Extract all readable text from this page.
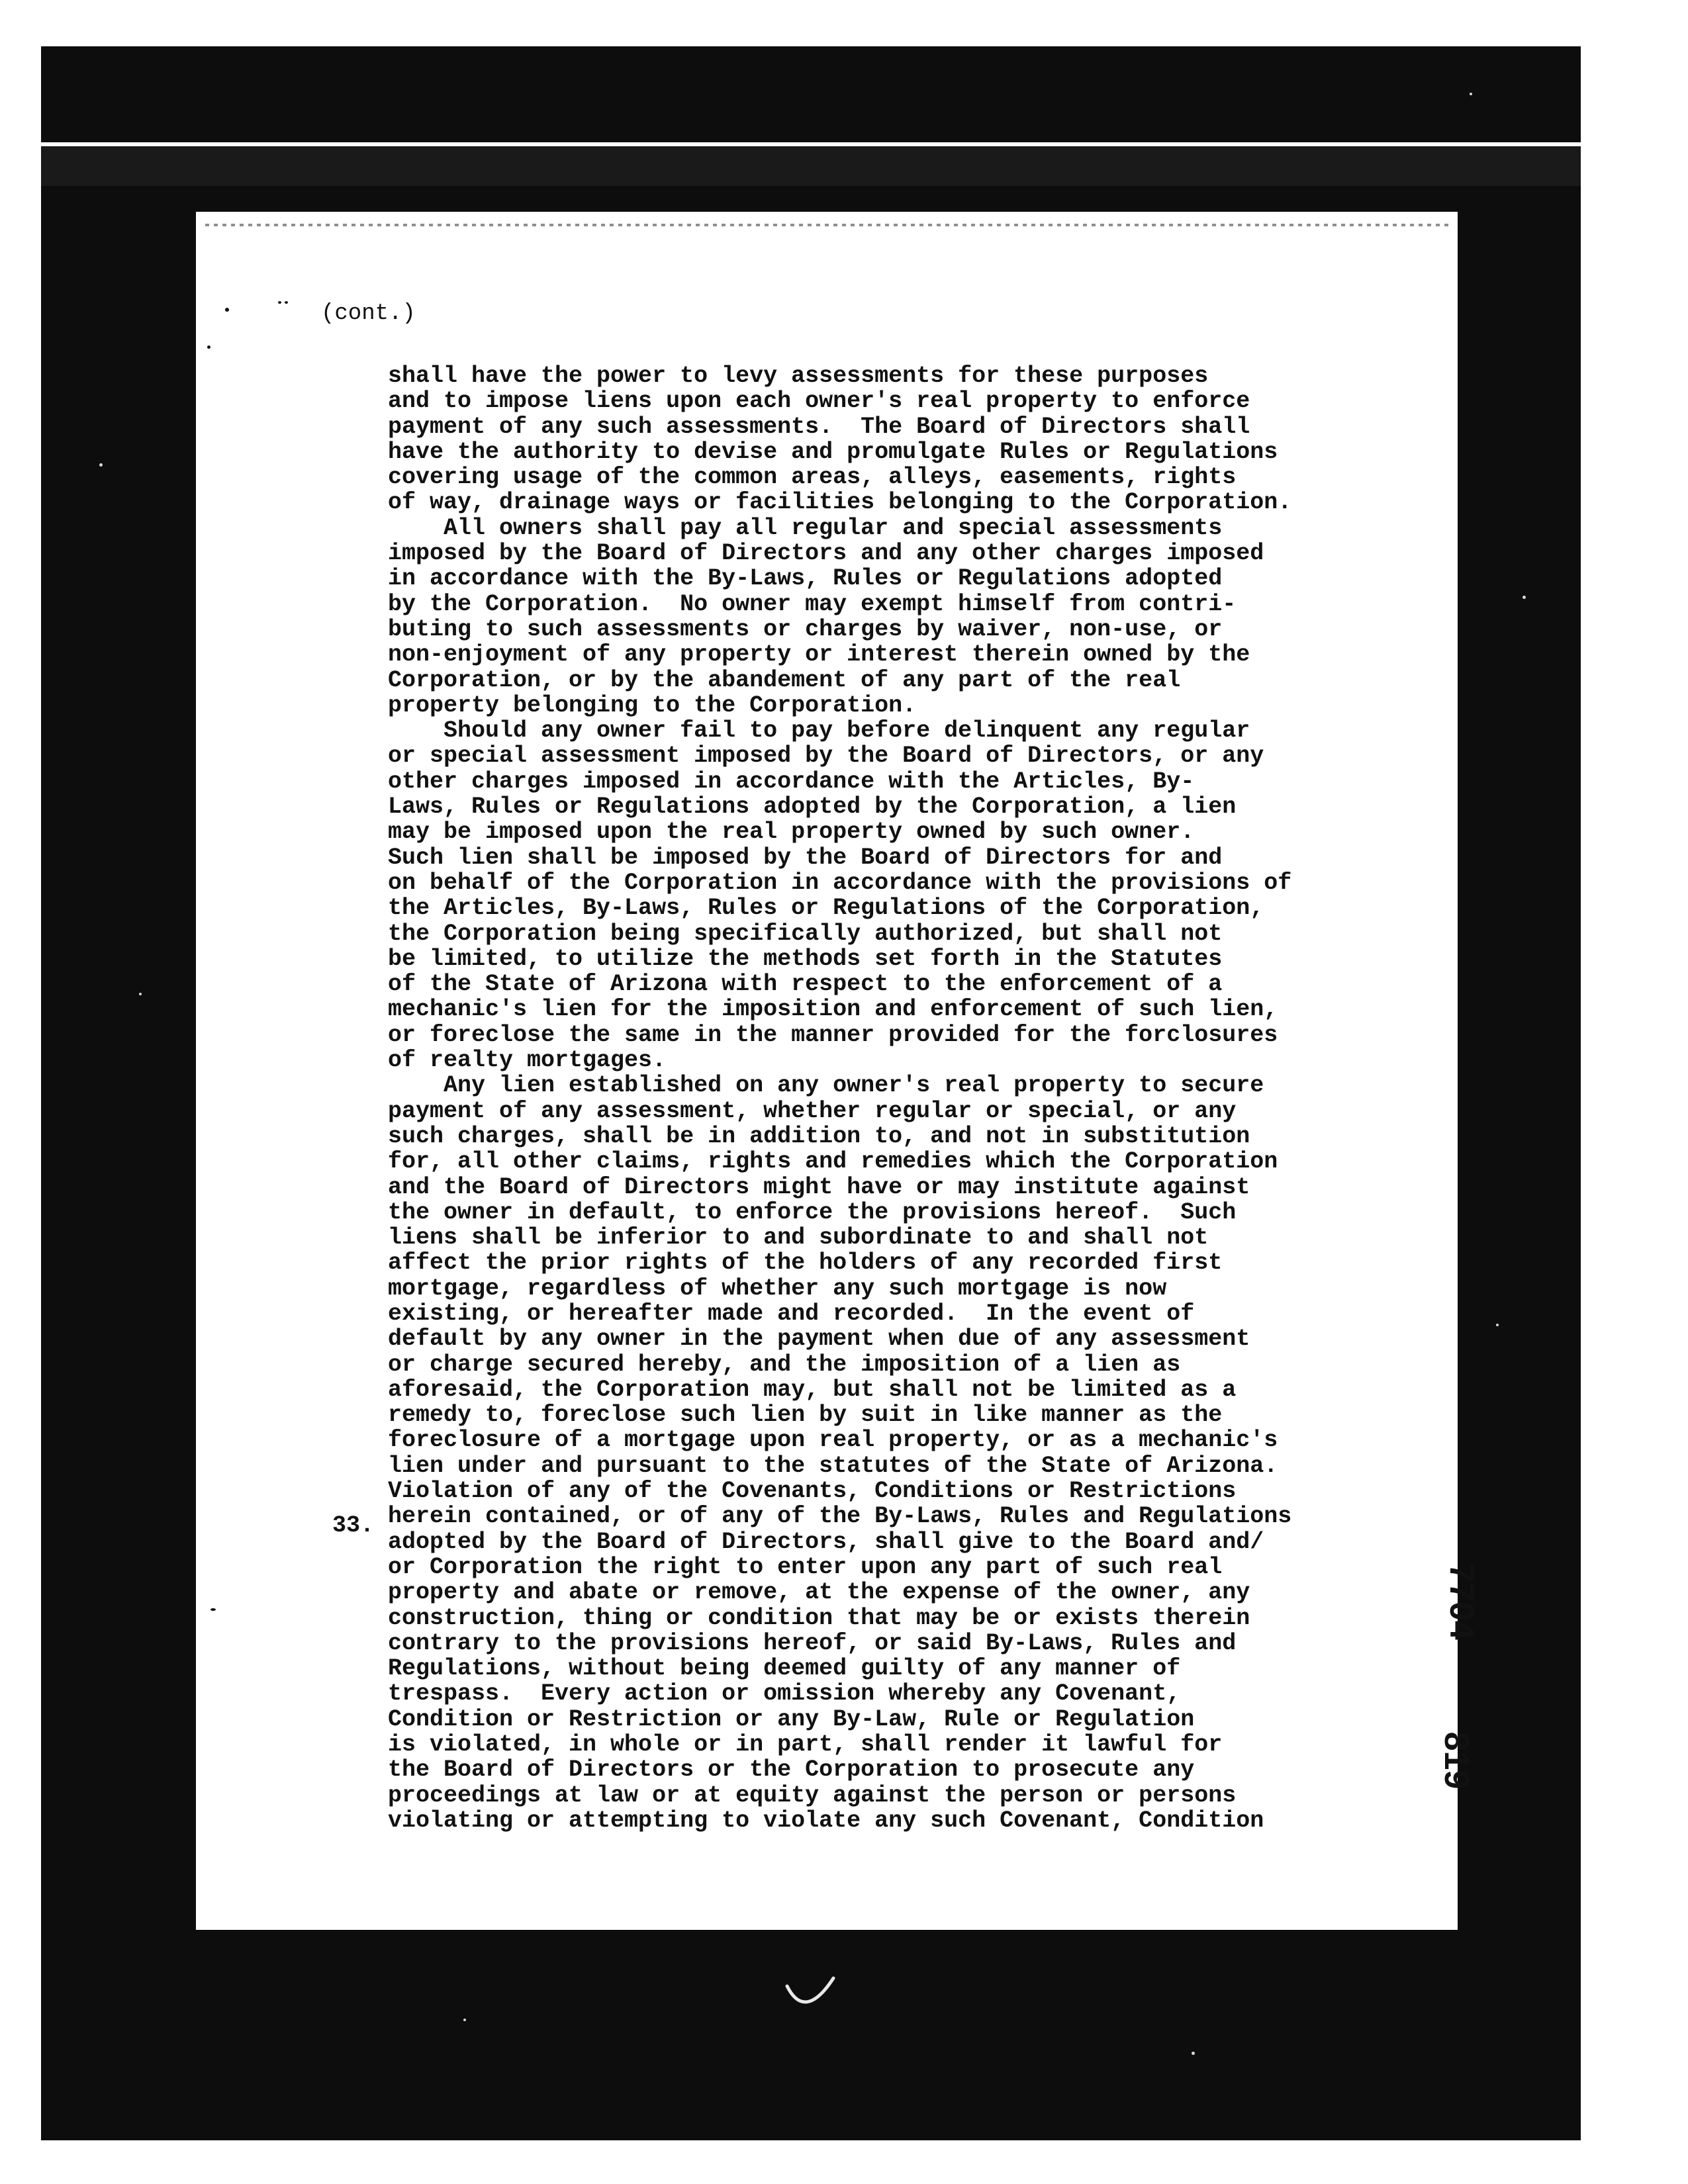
(cont.)
shall have the power to levy assessments for these purposes
and to impose liens upon each owner's real property to enforce
payment of any such assessments.  The Board of Directors shall
have the authority to devise and promulgate Rules or Regulations
covering usage of the common areas, alleys, easements, rights
of way, drainage ways or facilities belonging to the Corporation.
All owners shall pay all regular and special assessments
imposed by the Board of Directors and any other charges imposed
in accordance with the By-Laws, Rules or Regulations adopted
by the Corporation.  No owner may exempt himself from contri-
buting to such assessments or charges by waiver, non-use, or
non-enjoyment of any property or interest therein owned by the
Corporation, or by the abandement of any part of the real
property belonging to the Corporation.
Should any owner fail to pay before delinquent any regular
or special assessment imposed by the Board of Directors, or any
other charges imposed in accordance with the Articles, By-
Laws, Rules or Regulations adopted by the Corporation, a lien
may be imposed upon the real property owned by such owner.
Such lien shall be imposed by the Board of Directors for and
on behalf of the Corporation in accordance with the provisions of
the Articles, By-Laws, Rules or Regulations of the Corporation,
the Corporation being specifically authorized, but shall not
be limited, to utilize the methods set forth in the Statutes
of the State of Arizona with respect to the enforcement of a
mechanic's lien for the imposition and enforcement of such lien,
or foreclose the same in the manner provided for the forclosures
of realty mortgages.
Any lien established on any owner's real property to secure
payment of any assessment, whether regular or special, or any
such charges, shall be in addition to, and not in substitution
for, all other claims, rights and remedies which the Corporation
and the Board of Directors might have or may institute against
the owner in default, to enforce the provisions hereof.  Such
liens shall be inferior to and subordinate to and shall not
affect the prior rights of the holders of any recorded first
mortgage, regardless of whether any such mortgage is now
existing, or hereafter made and recorded.  In the event of
default by any owner in the payment when due of any assessment
or charge secured hereby, and the imposition of a lien as
aforesaid, the Corporation may, but shall not be limited as a
remedy to, foreclose such lien by suit in like manner as the
foreclosure of a mortgage upon real property, or as a mechanic's
lien under and pursuant to the statutes of the State of Arizona.
Violation of any of the Covenants, Conditions or Restrictions
herein contained, or of any of the By-Laws, Rules and Regulations
adopted by the Board of Directors, shall give to the Board and/
or Corporation the right to enter upon any part of such real
property and abate or remove, at the expense of the owner, any
construction, thing or condition that may be or exists therein
contrary to the provisions hereof, or said By-Laws, Rules and
Regulations, without being deemed guilty of any manner of
trespass.  Every action or omission whereby any Covenant,
Condition or Restriction or any By-Law, Rule or Regulation
is violated, in whole or in part, shall render it lawful for
the Board of Directors or the Corporation to prosecute any
proceedings at law or at equity against the person or persons
violating or attempting to violate any such Covenant, Condition
33.
7704
819
